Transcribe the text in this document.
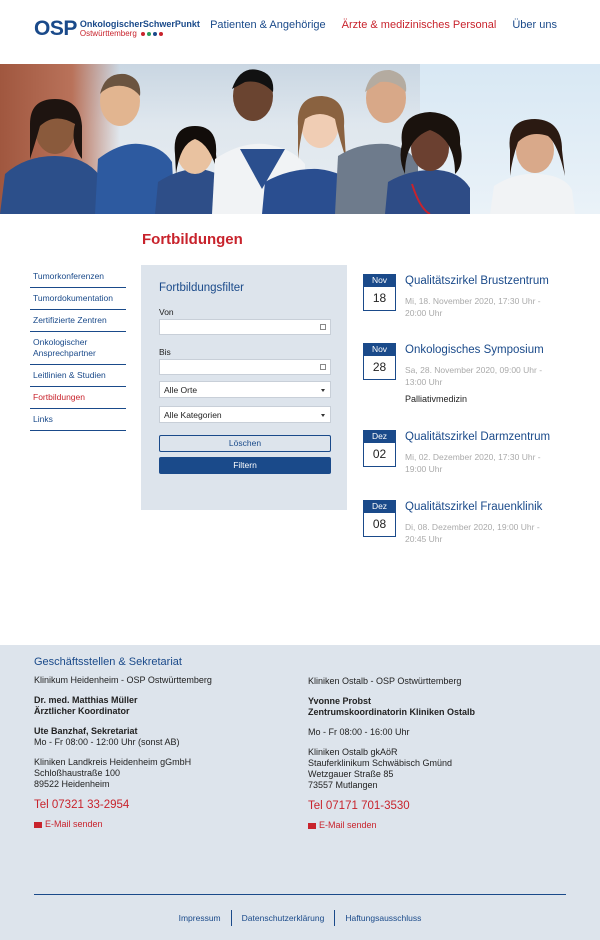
OSP OnkologischerSchwerPunkt
Ostwürttemberg
Patienten & Angehörige Ärzte & medizinisches Personal Über uns
Fortbildungen
Tumorkonferenzen
Tumordokumentation
Zertifizierte Zentren
Onkologischer Ansprechpartner
Leitlinien & Studien
Fortbildungen
Links
Fortbildungsfilter
Von
Bis
Alle Orte
Alle Kategorien
Löschen
Filtern
Nov
18
Qualitätszirkel Brustzentrum
Mi, 18. November 2020, 17:30 Uhr - 20:00 Uhr
Nov
28
Onkologisches Symposium
Sa, 28. November 2020, 09:00 Uhr - 13:00 Uhr
Palliativmedizin
Dez
02
Qualitätszirkel Darmzentrum
Mi, 02. Dezember 2020, 17:30 Uhr - 19:00 Uhr
Dez
08
Qualitätszirkel Frauenklinik
Di, 08. Dezember 2020, 19:00 Uhr - 20:45 Uhr
Geschäftsstellen & Sekretariat
Klinikum Heidenheim - OSP Ostwürttemberg
Dr. med. Matthias Müller
Ärztlicher Koordinator
Ute Banzhaf, Sekretariat
Mo - Fr 08:00 - 12:00 Uhr (sonst AB)
Kliniken Landkreis Heidenheim gGmbH
Schloßhaustraße 100
89522 Heidenheim
Tel 07321 33-2954
E-Mail senden
Kliniken Ostalb - OSP Ostwürttemberg
Yvonne Probst
Zentrumskoordinatorin Kliniken Ostalb
Mo - Fr 08:00 - 16:00 Uhr
Kliniken Ostalb gkAöR
Stauferklinikum Schwäbisch Gmünd
Wetzgauer Straße 85
73557 Mutlangen
Tel 07171 701-3530
E-Mail senden
Impressum	Datenschutzerklärung	Haftungsausschluss
